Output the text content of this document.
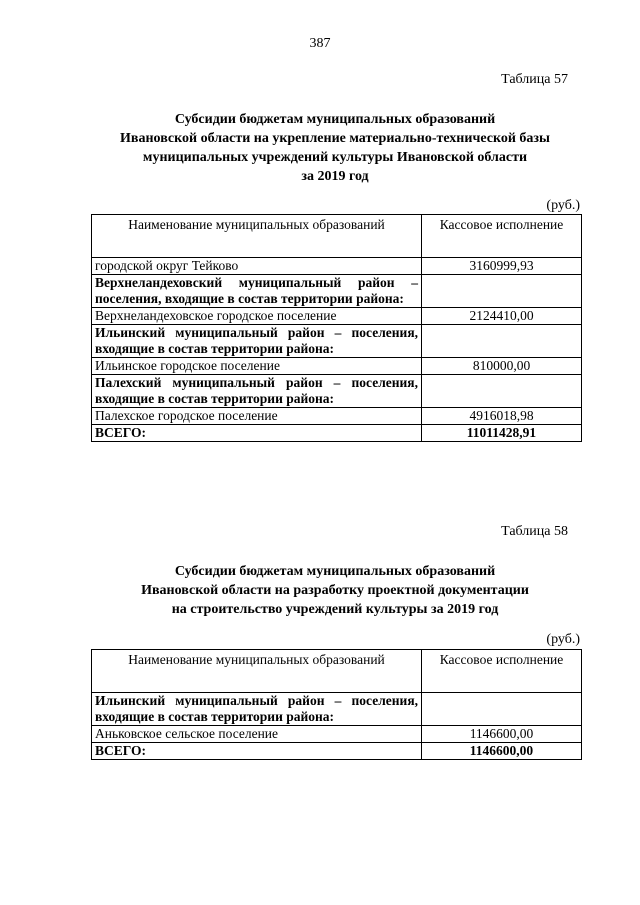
387
Таблица 57
Субсидии бюджетам муниципальных образований
Ивановской области на укрепление материально-технической базы
муниципальных учреждений культуры Ивановской области
за 2019 год
(руб.)
Наименование муниципальных образований	Кассовое исполнение
городской округ Тейково	3160999,93
Верхнеландеховский муниципальный район – поселения, входящие в состав территории района:	
Верхнеландеховское городское поселение	2124410,00
Ильинский муниципальный район – поселения, входящие в состав территории района:	
Ильинское городское поселение	810000,00
Палехский муниципальный район – поселения, входящие в состав территории района:	
Палехское городское поселение	4916018,98
ВСЕГО:	11011428,91
Таблица 58
Субсидии бюджетам муниципальных образований
Ивановской области на разработку проектной документации
на строительство учреждений культуры за 2019 год
(руб.)
Наименование муниципальных образований	Кассовое исполнение
Ильинский муниципальный район – поселения, входящие в состав территории района:	
Аньковское сельское поселение	1146600,00
ВСЕГО:	1146600,00
